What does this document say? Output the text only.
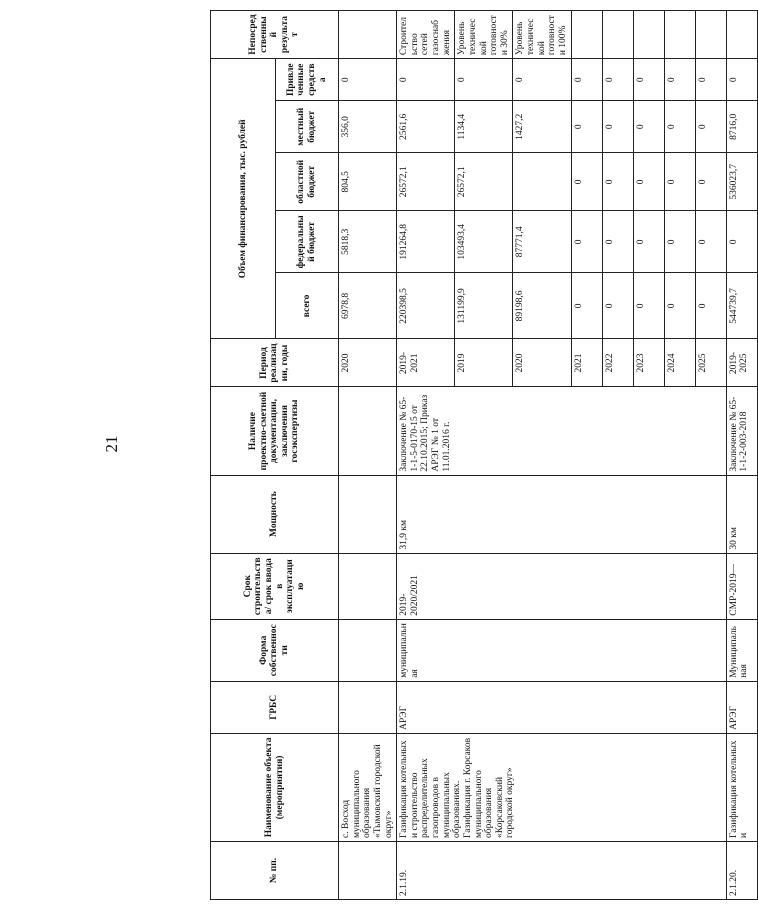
21
№ пп.	Наименование объекта (мероприятия)	ГРБС	Форма собственности	Срок строительства/ срок ввода в эксплуатацию	Мощность	Наличие проектно-сметной документации, заключения госэкспертизы	Период реализации, годы	Объем финансирования, тыс. рублей					Непосредственный результат
								всего	федеральный бюджет	областной бюджет	местный бюджет	Привлеченные средства	
	с. Восход муниципального образования «Тымовский городской округ»						2020	6978,8	5818,3	804,5	356,0	0	
2.1.19.	Газификация котельных и строительство распределительных газопроводов в муниципальных образованиях. Газификация г. Корсаков муниципального образования «Корсаковский городской округ»	АРЭГ	муниципальная	2019-2020/2021	31,9 км	Заключение № 65-1-1-5-0170-15 от 22.10.2015; Приказ АРЭГ № 1 от 11.01.2016 г.	2019-2021	220398,5	191264,8	26572,1	2561,6	0	Строительство сетей газоснабжения
							2019	131199,9	103493,4	26572,1	1134,4	0	Уровень технической готовности 30%
							2020	89198,6	87771,4		1427,2	0	Уровень технической готовности 100%
							2021	0	0	0	0	0	
							2022	0	0	0	0	0	
							2023	0	0	0	0	0	
							2024	0	0	0	0	0	
							2025	0	0	0	0	0	
2.1.20.	Газификация котельных и	АРЭГ	Муниципальная	СМР-2019—	30 км	Заключение № 65-1-1-2-003-2018	2019-2025	544739,7	0	536023,7	8716,0	0	
